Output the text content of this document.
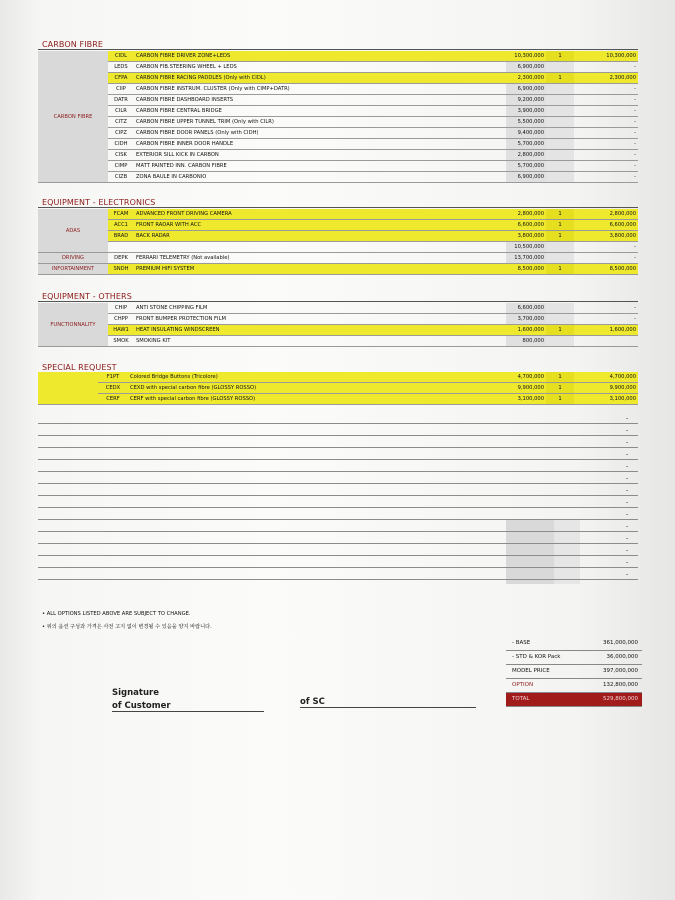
CARBON FIBRE
CARBON FIBRE	CIDL	CARBON FIBRE DRIVER ZONE+LEDS	10,300,000	1	10,300,000
	LEDS	CARBON FIB.STEERING WHEEL + LEDS	6,900,000		-
	CFPA	CARBON FIBRE RACING PADDLES (Only with CIDL)	2,300,000	1	2,300,000
	CIIP	CARBON FIBRE INSTRUM. CLUSTER (Only with CIMP+DATR)	6,900,000		-
	DATR	CARBON FIBRE DASHBOARD INSERTS	9,200,000		-
	CILR	CARBON FIBRE CENTRAL BRIDGE	3,900,000		-
	CITZ	CARBON FIBRE UPPER TUNNEL TRIM (Only with CILR)	5,500,000		-
	CIPZ	CARBON FIBRE DOOR PANELS (Only with CIDH)	9,400,000		-
	CIDH	CARBON FIBRE INNER DOOR HANDLE	5,700,000		-
	CISK	EXTERIOR SILL KICK IN CARBON	2,800,000		-
	CIMP	MATT PAINTED INN. CARBON FIBRE	5,700,000		-
	CIZB	ZONA BAULE IN CARBONIO	6,900,000		-
EQUIPMENT - ELECTRONICS
ADAS	FCAM	ADVANCED FRONT DRIVING CAMERA	2,800,000	1	2,800,000
	ACC1	FRONT RADAR WITH ACC	6,600,000	1	6,600,000
	BRAD	BACK RADAR	3,800,000	1	3,800,000
			10,500,000		-
DRIVING	DEPK	FERRARI TELEMETRY (Not available)	13,700,000		-
INFORTAINMENT	SNDH	PREMIUM HIFI SYSTEM	8,500,000	1	8,500,000
EQUIPMENT - OTHERS
FUNCTIONNALITY	CHIP	ANTI STONE CHIPPING FILM	6,600,000		-
	CHPP	FRONT BUMPER PROTECTION FILM	3,700,000		-
	HAW1	HEAT INSULATING WINDSCREEN	1,600,000	1	1,600,000
	SMOK	SMOKING KIT	800,000		
SPECIAL REQUEST
	F1PT	Colored Bridge Buttons (Tricolore)	4,700,000	1	4,700,000
	CEDX	CEXD with special carbon fibre (GLOSSY ROSSO)	9,900,000	1	9,900,000
	CERF	CERF with special carbon fibre (GLOSSY ROSSO)	3,100,000	1	3,100,000
-
-
-
-
-
-
-
-
-
-
-
-
-
-
• ALL OPTIONS LISTED ABOVE ARE SUBJECT TO CHANGE.
• 위의 옵션 구성과 가격은 사전 고지 없이 변경될 수 있음을 양지 바랍니다.
- BASE	361,000,000
- STD & KOR Pack	36,000,000
MODEL PRICE	397,000,000
OPTION	132,800,000
TOTAL	529,800,000
Signature
of Customer	of SC
